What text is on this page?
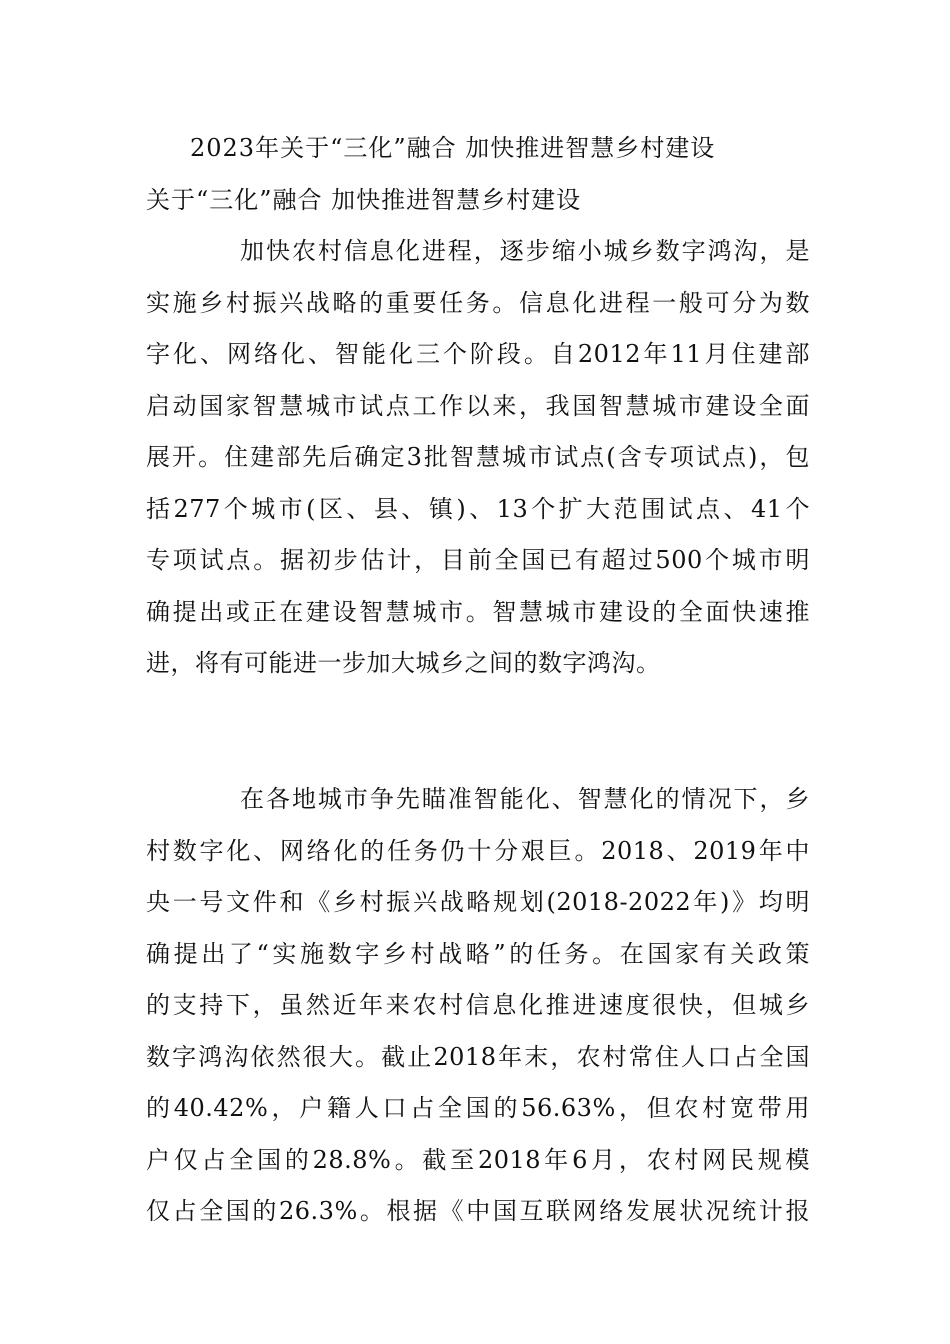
2023年关于“三化”融合 加快推进智慧乡村建设
关于“三化”融合 加快推进智慧乡村建设
加快农村信息化进程，逐步缩小城乡数字鸿沟，是
实施乡村振兴战略的重要任务。信息化进程一般可分为数
字化、网络化、智能化三个阶段。自2012年11月住建部
启动国家智慧城市试点工作以来，我国智慧城市建设全面
展开。住建部先后确定3批智慧城市试点(含专项试点)，包
括277个城市(区、县、镇)、13个扩大范围试点、41个
专项试点。据初步估计，目前全国已有超过500个城市明
确提出或正在建设智慧城市。智慧城市建设的全面快速推
进，将有可能进一步加大城乡之间的数字鸿沟。
在各地城市争先瞄准智能化、智慧化的情况下，乡
村数字化、网络化的任务仍十分艰巨。2018、2019年中
央一号文件和《乡村振兴战略规划(2018-2022年)》均明
确提出了“实施数字乡村战略”的任务。在国家有关政策
的支持下，虽然近年来农村信息化推进速度很快，但城乡
数字鸿沟依然很大。截止2018年末，农村常住人口占全国
的40.42%，户籍人口占全国的56.63%，但农村宽带用
户仅占全国的28.8%。截至2018年6月，农村网民规模
仅占全国的26.3%。根据《中国互联网络发展状况统计报
